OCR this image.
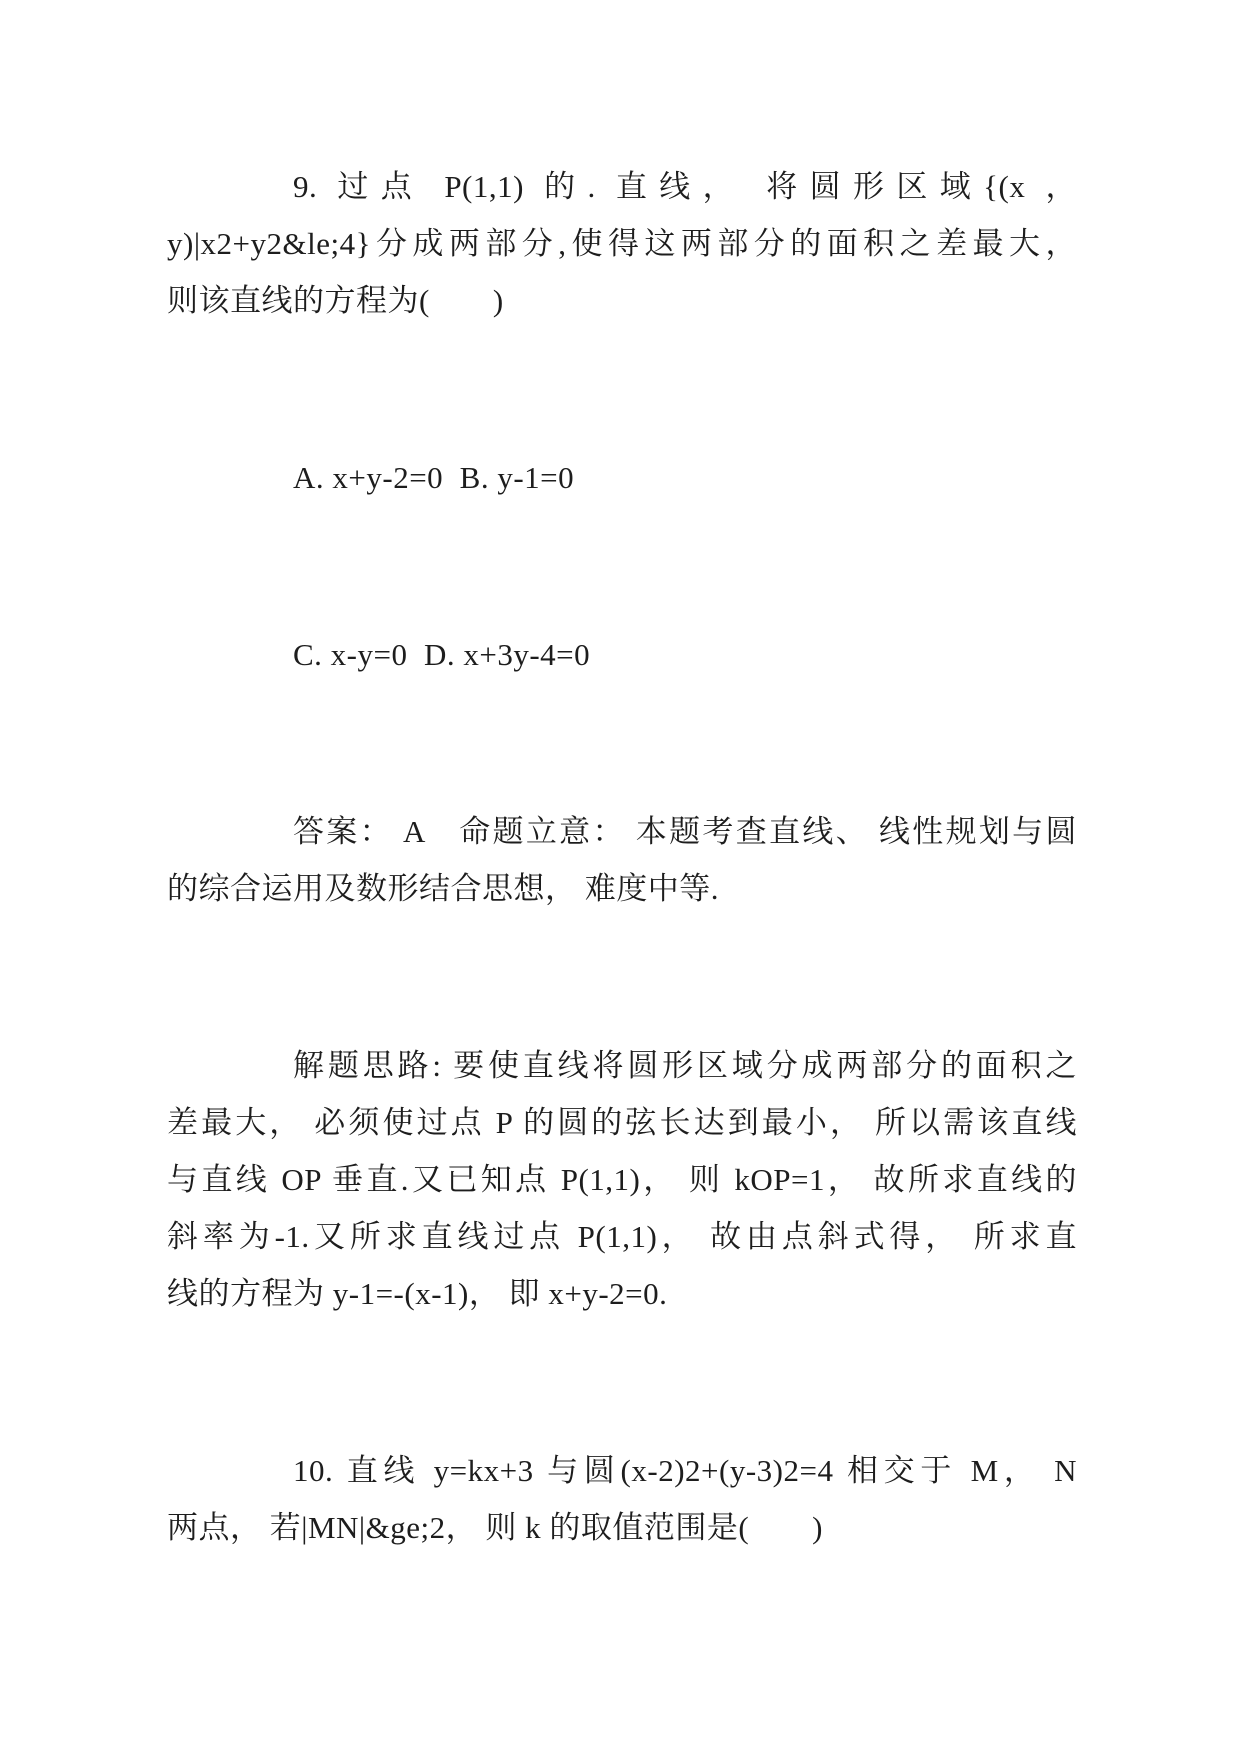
9. 过点 P(1,1) 的. 直线， 将圆形区域{(x ，
y)|x2+y2&le;4}分成两部分,使得这两部分的面积之差最大，
则该直线的方程为(　　)
A. x+y-2=0  B. y-1=0
C. x-y=0  D. x+3y-4=0
答案： A　命题立意： 本题考查直线、 线性规划与圆
的综合运用及数形结合思想， 难度中等.
解题思路: 要使直线将圆形区域分成两部分的面积之
差最大， 必须使过点 P 的圆的弦长达到最小， 所以需该直线
与直线 OP 垂直.又已知点 P(1,1)， 则 kOP=1， 故所求直线的
斜率为-1.又所求直线过点 P(1,1)， 故由点斜式得， 所求直
线的方程为 y-1=-(x-1)， 即 x+y-2=0.
10. 直线 y=kx+3 与圆(x-2)2+(y-3)2=4 相交于 M， N
两点， 若|MN|&ge;2， 则 k 的取值范围是(　　)
